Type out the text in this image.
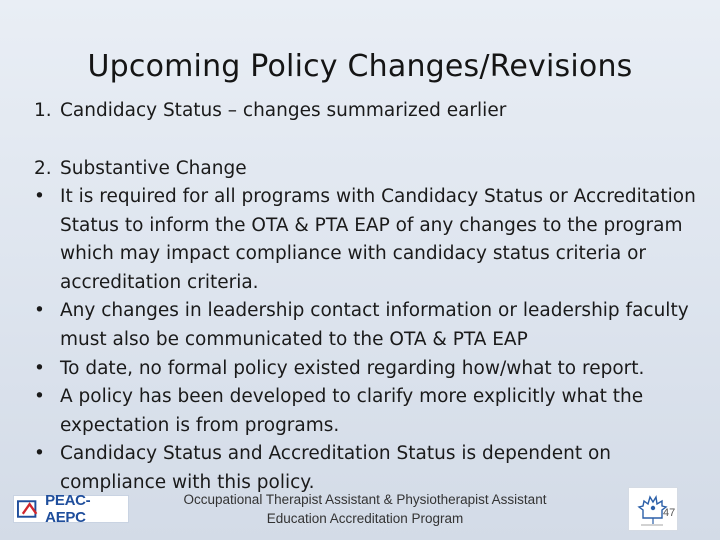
Upcoming Policy Changes/Revisions
1. Candidacy Status – changes summarized earlier
2. Substantive Change
• It is required for all programs with Candidacy Status or Accreditation Status to inform the OTA & PTA EAP of any changes to the program which may impact compliance with candidacy status criteria or accreditation criteria.
• Any changes in leadership contact information or leadership faculty must also be communicated to the OTA & PTA EAP
• To date, no formal policy existed regarding how/what to report.
• A policy has been developed to clarify more explicitly what the expectation is from programs.
• Candidacy Status and Accreditation Status is dependent on compliance with this policy.
PEAC-AEPC
Occupational Therapist Assistant & Physiotherapist Assistant
Education Accreditation Program	47
